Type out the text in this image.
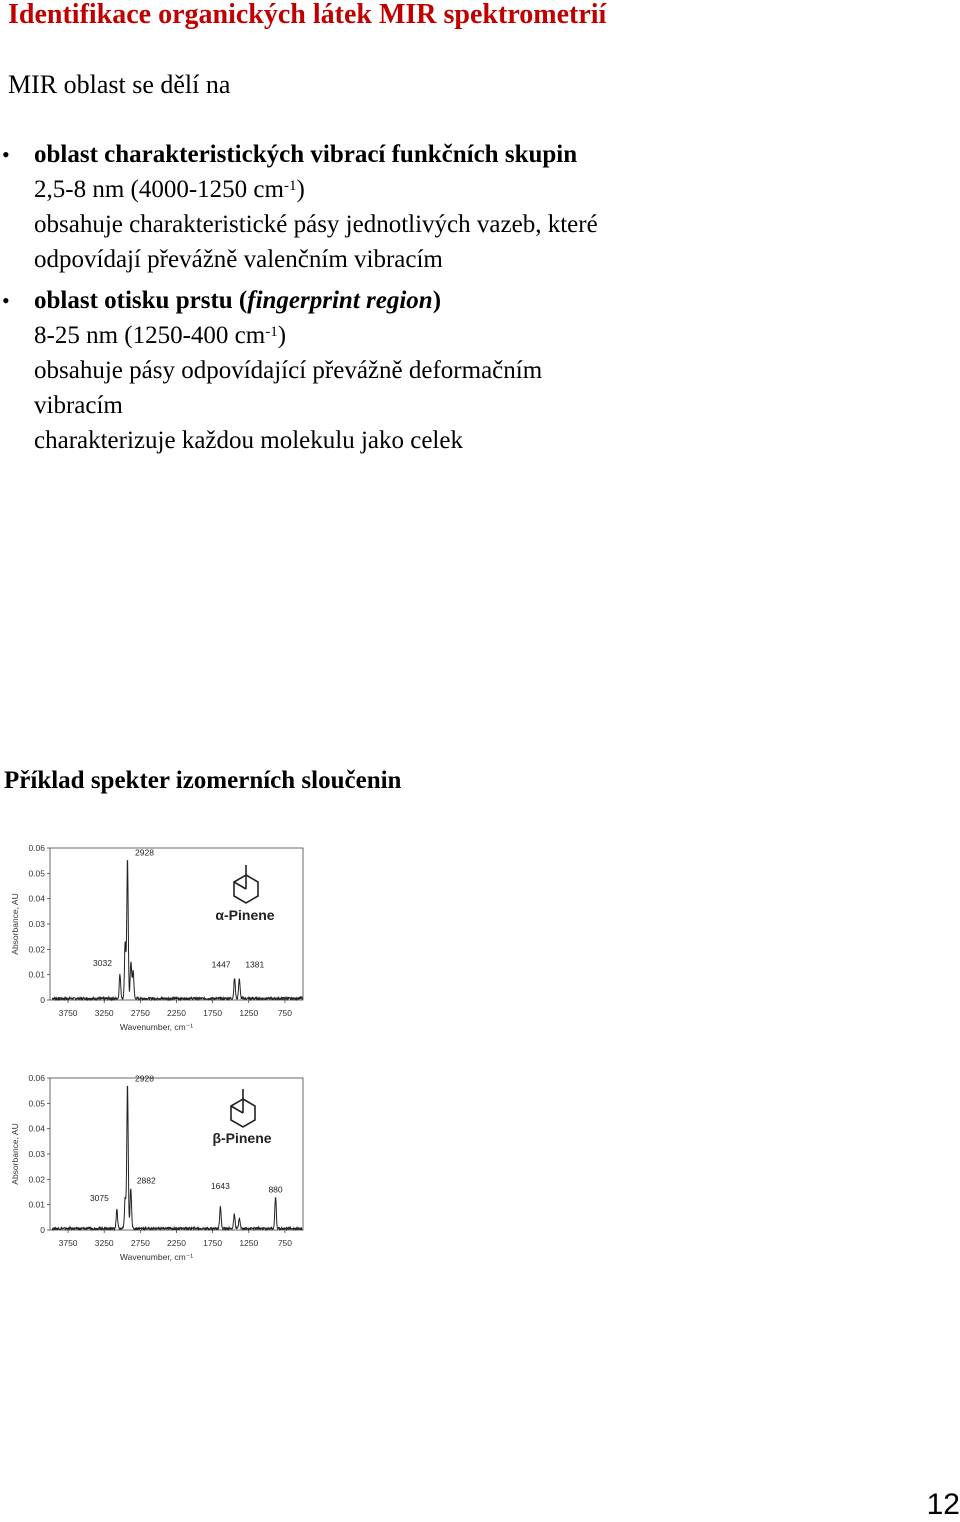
Identifikace organických látek MIR spektrometrií
MIR oblast se dělí na
• oblast charakteristických vibrací funkčních skupin
2,5-8 nm (4000-1250 $cm^{-1}$)
obsahuje charakteristické pásy jednotlivých vazeb, které
odpovídají převážně valenčním vibracím
• oblast otisku prstu (fingerprint region)
8-25 nm (1250-400 $cm^{-1}$)
obsahuje pásy odpovídající převážně deformačním
vibracím
charakterizuje každou molekulu jako celek
Příklad spekter izomerních sloučenin
0
0.01
0.02
0.03
0.04
0.05
0.06
3750 3250 2750 2250 1750 1250 750
Wavenumber, cm⁻¹
Absorbance, AU
2928
3032	1447 1381
α-Pinene
0
0.01
0.02
0.03
0.04
0.05
0.06
3750 3250 2750 2250 1750 1250 750
Wavenumber, cm⁻¹
Absorbance, AU
2928
2882
3075
1643	880
β-Pinene
12
